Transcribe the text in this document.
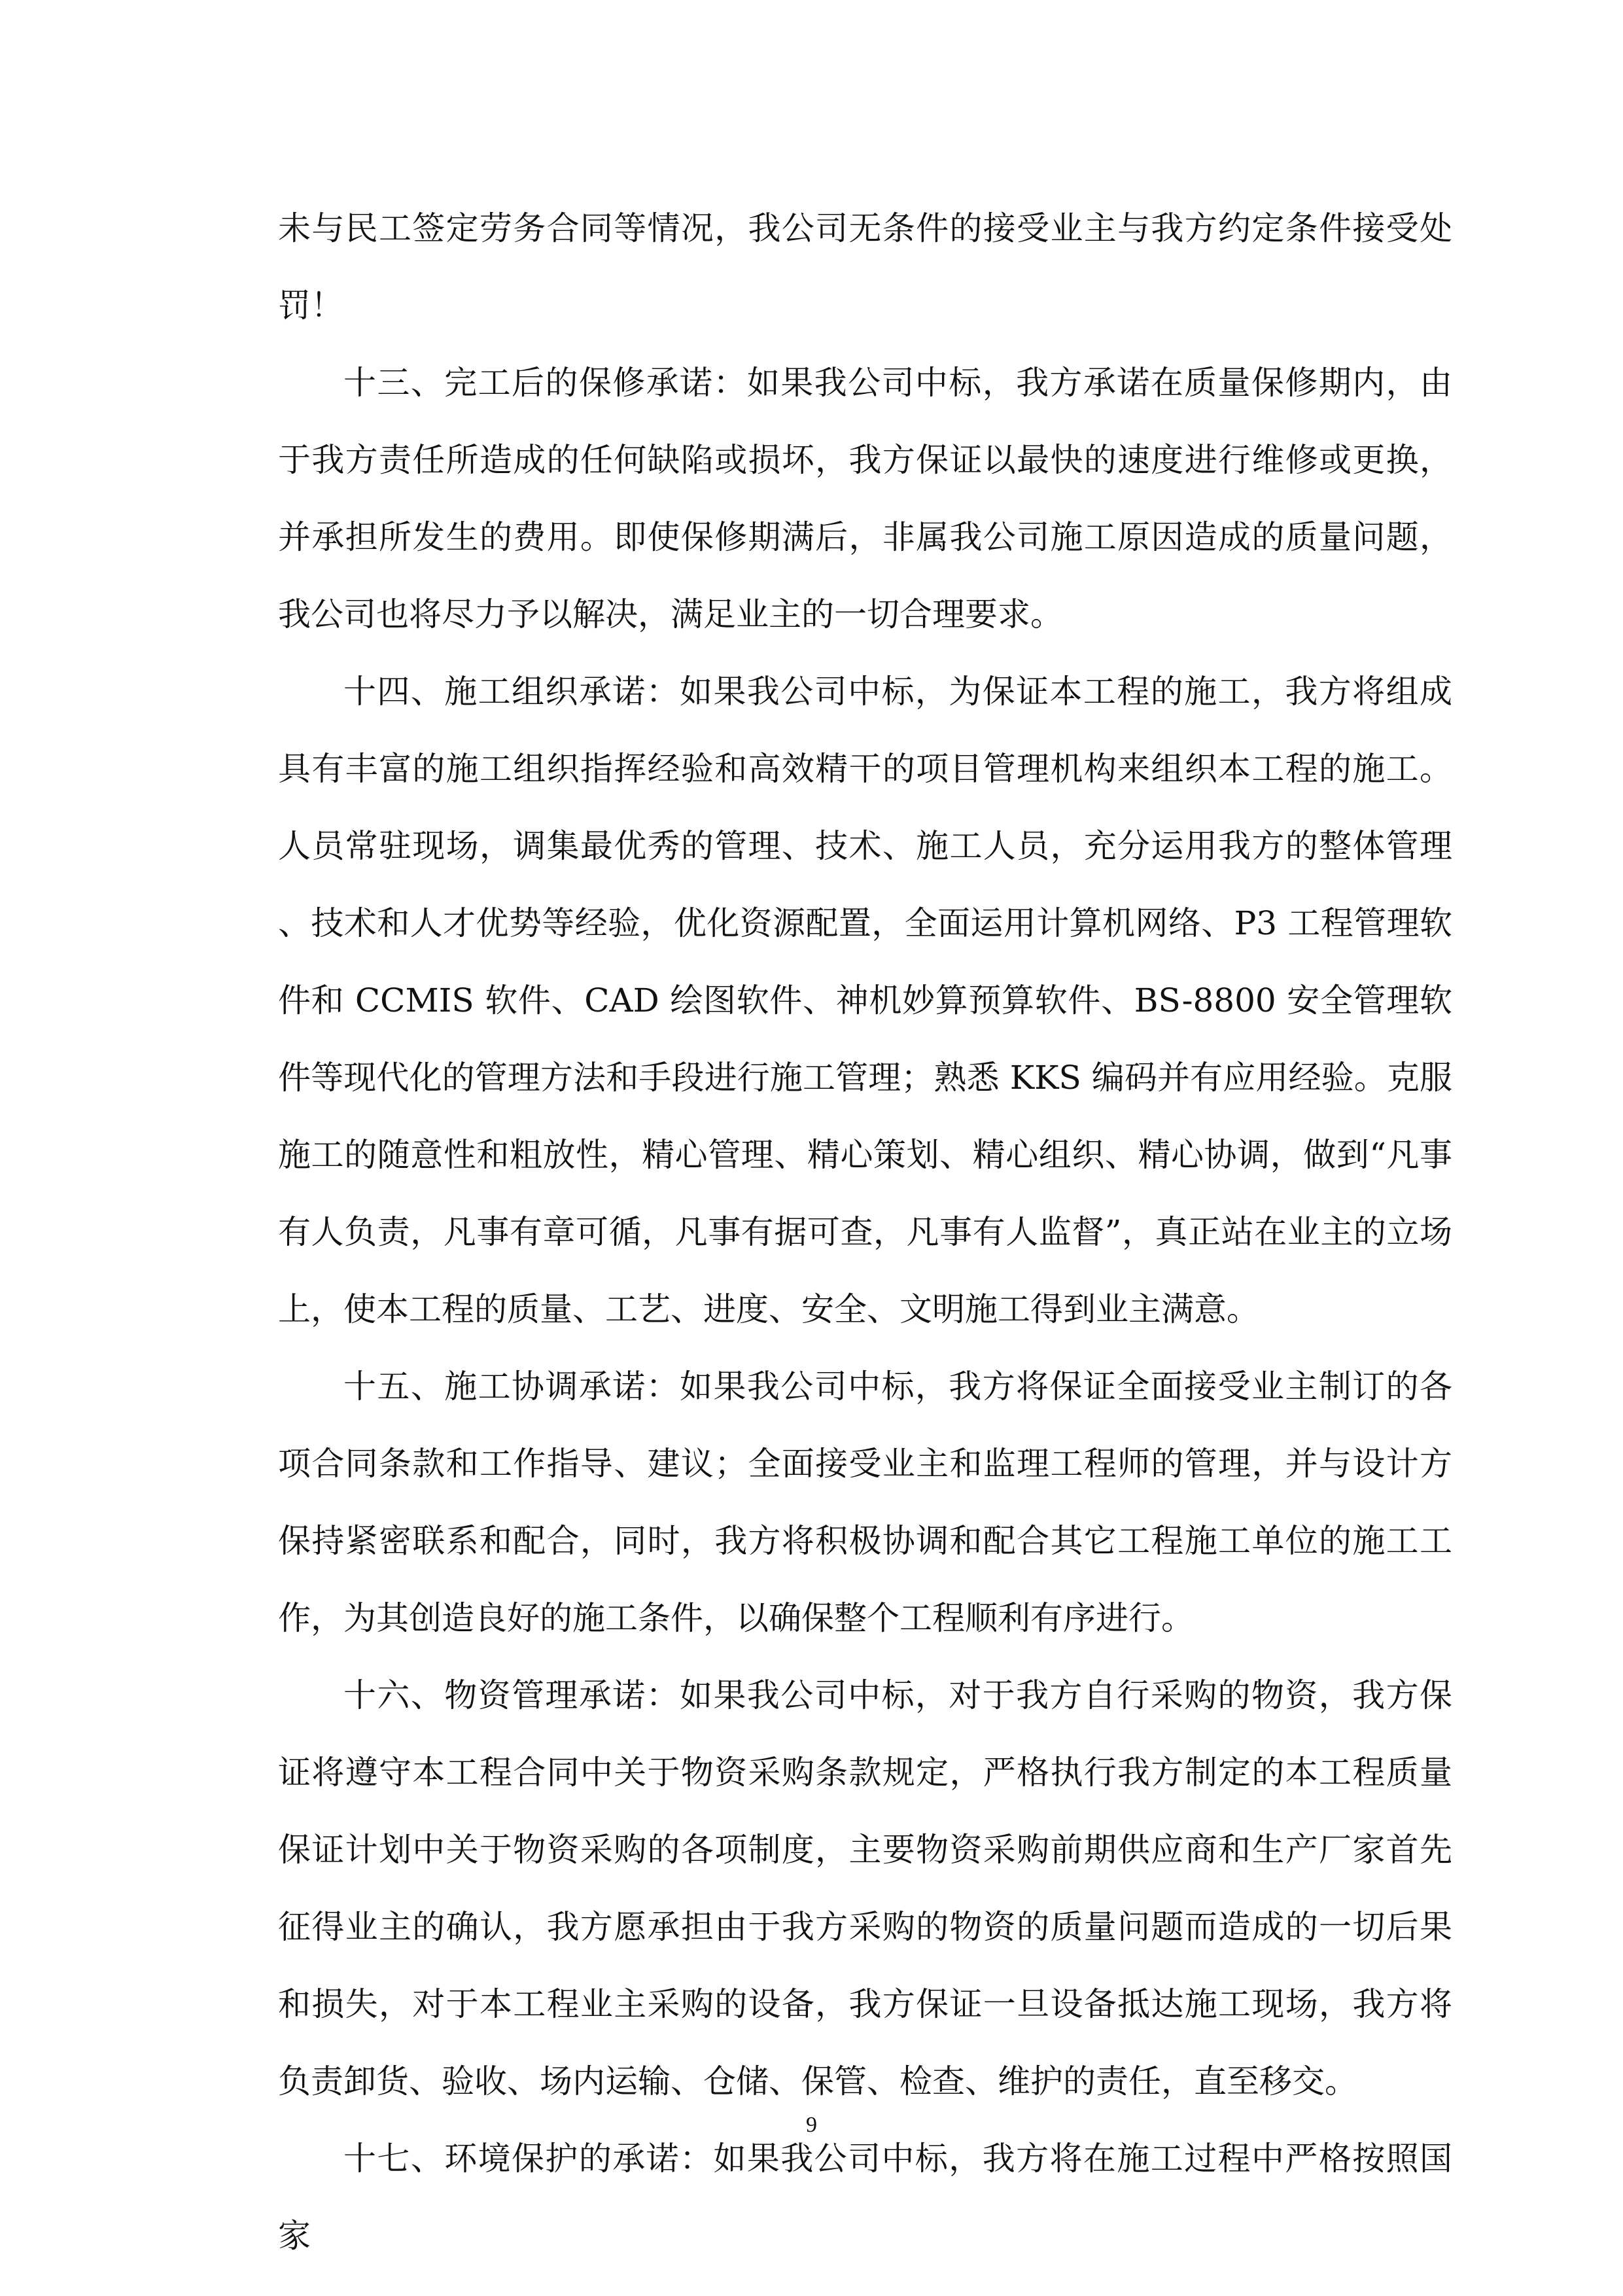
未与民工签定劳务合同等情况，我公司无条件的接受业主与我方约定条件接受处罚！

十三、完工后的保修承诺：如果我公司中标，我方承诺在质量保修期内，由于我方责任所造成的任何缺陷或损坏，我方保证以最快的速度进行维修或更换，并承担所发生的费用。即使保修期满后，非属我公司施工原因造成的质量问题，我公司也将尽力予以解决，满足业主的一切合理要求。

十四、施工组织承诺：如果我公司中标，为保证本工程的施工，我方将组成具有丰富的施工组织指挥经验和高效精干的项目管理机构来组织本工程的施工。人员常驻现场，调集最优秀的管理、技术、施工人员，充分运用我方的整体管理、技术和人才优势等经验，优化资源配置，全面运用计算机网络、P3 工程管理软件和 CCMIS 软件、CAD 绘图软件、神机妙算预算软件、BS-8800 安全管理软件等现代化的管理方法和手段进行施工管理；熟悉 KKS 编码并有应用经验。克服施工的随意性和粗放性，精心管理、精心策划、精心组织、精心协调，做到“凡事有人负责，凡事有章可循，凡事有据可查，凡事有人监督”，真正站在业主的立场上，使本工程的质量、工艺、进度、安全、文明施工得到业主满意。

十五、施工协调承诺：如果我公司中标，我方将保证全面接受业主制订的各项合同条款和工作指导、建议；全面接受业主和监理工程师的管理，并与设计方保持紧密联系和配合，同时，我方将积极协调和配合其它工程施工单位的施工工作，为其创造良好的施工条件，以确保整个工程顺利有序进行。

十六、物资管理承诺：如果我公司中标，对于我方自行采购的物资，我方保证将遵守本工程合同中关于物资采购条款规定，严格执行我方制定的本工程质量保证计划中关于物资采购的各项制度，主要物资采购前期供应商和生产厂家首先征得业主的确认，我方愿承担由于我方采购的物资的质量问题而造成的一切后果和损失，对于本工程业主采购的设备，我方保证一旦设备抵达施工现场，我方将负责卸货、验收、场内运输、仓储、保管、检查、维护的责任，直至移交。

十七、环境保护的承诺：如果我公司中标，我方将在施工过程中严格按照国家

9
